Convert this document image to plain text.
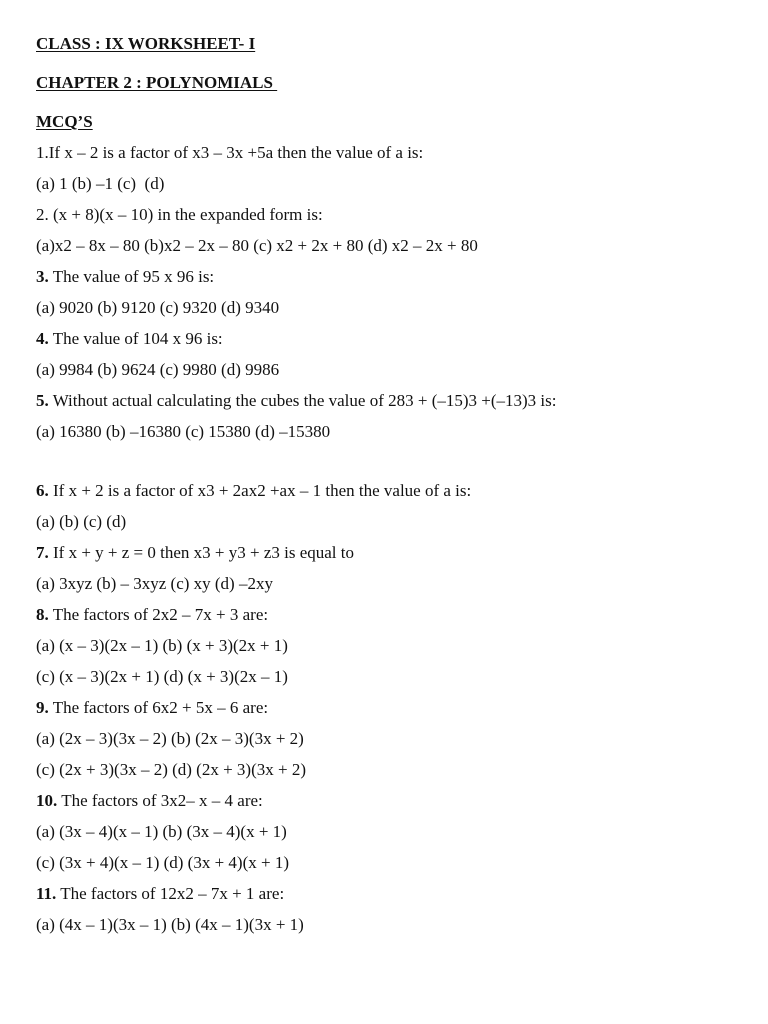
CLASS : IX WORKSHEET- I
CHAPTER 2 : POLYNOMIALS
MCQ’S
1.If x – 2 is a factor of x3 – 3x +5a then the value of a is:
(a) 1 (b) –1 (c)  (d)
2. (x + 8)(x – 10) in the expanded form is:
(a)x2 – 8x – 80 (b)x2 – 2x – 80 (c) x2 + 2x + 80 (d) x2 – 2x + 80
3. The value of 95 x 96 is:
(a) 9020 (b) 9120 (c) 9320 (d) 9340
4. The value of 104 x 96 is:
(a) 9984 (b) 9624 (c) 9980 (d) 9986
5. Without actual calculating the cubes the value of 283 + (–15)3 +(–13)3 is:
(a) 16380 (b) –16380 (c) 15380 (d) –15380
6. If x + 2 is a factor of x3 + 2ax2 +ax – 1 then the value of a is:
(a) (b) (c) (d)
7. If x + y + z = 0 then x3 + y3 + z3 is equal to
(a) 3xyz (b) – 3xyz (c) xy (d) –2xy
8. The factors of 2x2 – 7x + 3 are:
(a) (x – 3)(2x – 1) (b) (x + 3)(2x + 1)
(c) (x – 3)(2x + 1) (d) (x + 3)(2x – 1)
9. The factors of 6x2 + 5x – 6 are:
(a) (2x – 3)(3x – 2) (b) (2x – 3)(3x + 2)
(c) (2x + 3)(3x – 2) (d) (2x + 3)(3x + 2)
10. The factors of 3x2– x – 4 are:
(a) (3x – 4)(x – 1) (b) (3x – 4)(x + 1)
(c) (3x + 4)(x – 1) (d) (3x + 4)(x + 1)
11. The factors of 12x2 – 7x + 1 are:
(a) (4x – 1)(3x – 1) (b) (4x – 1)(3x + 1)
